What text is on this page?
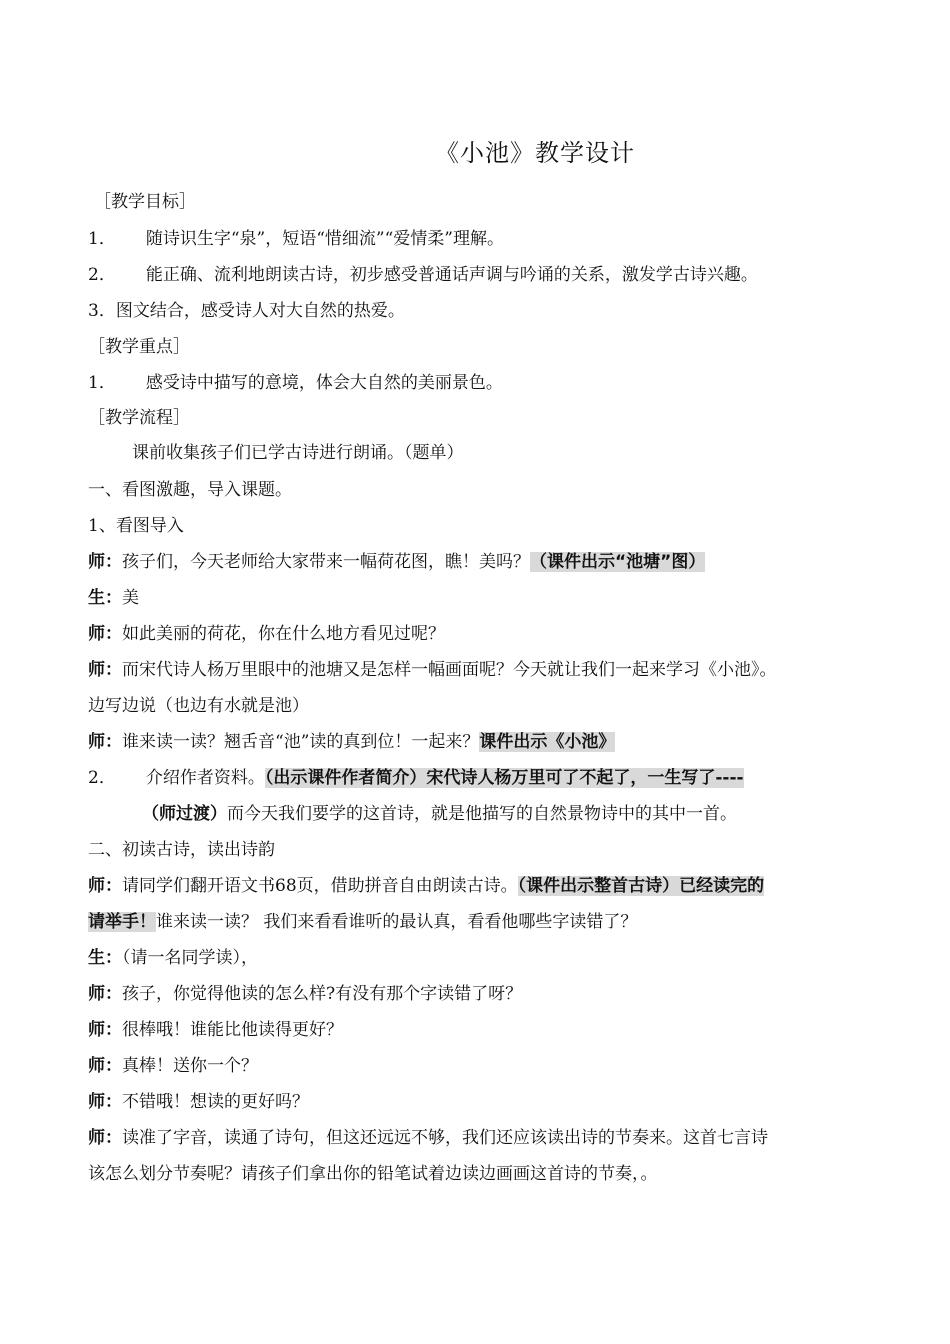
《小池》教学设计
［教学目标］
1． 随诗识生字“泉”，短语“惜细流”“爱情柔”理解。
2． 能正确、流利地朗读古诗，初步感受普通话声调与吟诵的关系，激发学古诗兴趣。
3．图文结合，感受诗人对大自然的热爱。
［教学重点］
1． 感受诗中描写的意境，体会大自然的美丽景色。
［教学流程］
课前收集孩子们已学古诗进行朗诵。（题单）
一、看图激趣，导入课题。
1、看图导入
师：孩子们，今天老师给大家带来一幅荷花图，瞧！美吗？（课件出示“池塘”图）
生：美
师：如此美丽的荷花，你在什么地方看见过呢？
师：而宋代诗人杨万里眼中的池塘又是怎样一幅画面呢？今天就让我们一起来学习《小池》。
边写边说（也边有水就是池）
师：谁来读一读？翘舌音“池”读的真到位！一起来？课件出示《小池》
2． 介绍作者资料。（出示课件作者简介）宋代诗人杨万里可了不起了，一生写了----
（师过渡）而今天我们要学的这首诗，就是他描写的自然景物诗中的其中一首。
二、初读古诗，读出诗韵
师：请同学们翻开语文书68页，借助拼音自由朗读古诗。（课件出示整首古诗）已经读完的
请举手！谁来读一读？ 我们来看看谁听的最认真，看看他哪些字读错了？
生：（请一名同学读），
师：孩子，你觉得他读的怎么样?有没有那个字读错了呀？
师：很棒哦！谁能比他读得更好？
师：真棒！送你一个？
师：不错哦！想读的更好吗？
师：读准了字音，读通了诗句，但这还远远不够，我们还应该读出诗的节奏来。这首七言诗
该怎么划分节奏呢？请孩子们拿出你的铅笔试着边读边画画这首诗的节奏，。
